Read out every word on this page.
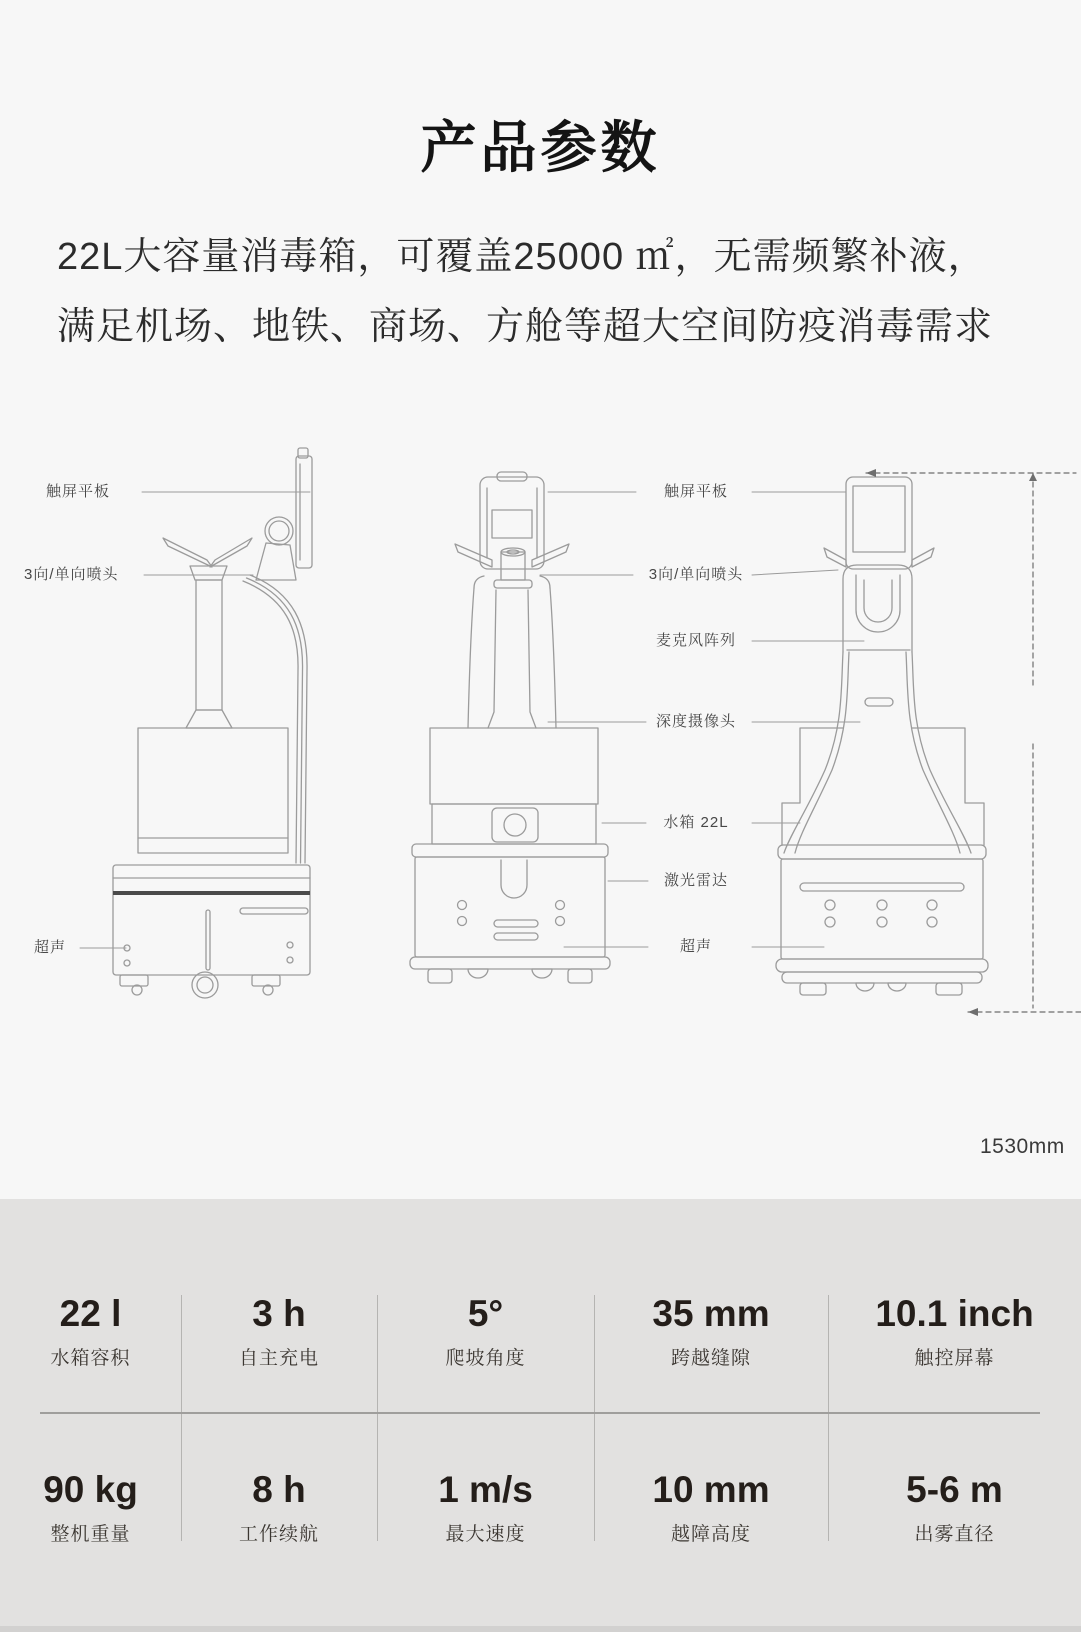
产品参数
22L大容量消毒箱，可覆盖25000 ㎡，无需频繁补液，
满足机场、地铁、商场、方舱等超大空间防疫消毒需求
触屏平板
3向/单向喷头
超声
触屏平板
3向/单向喷头
麦克风阵列
深度摄像头
水箱 22L
激光雷达
超声
1530mm
22 l
水箱容积
3 h
自主充电
5°
爬坡角度
35 mm
跨越缝隙
10.1 inch
触控屏幕
90 kg
整机重量
8 h
工作续航
1 m/s
最大速度
10 mm
越障高度
5-6 m
出雾直径
